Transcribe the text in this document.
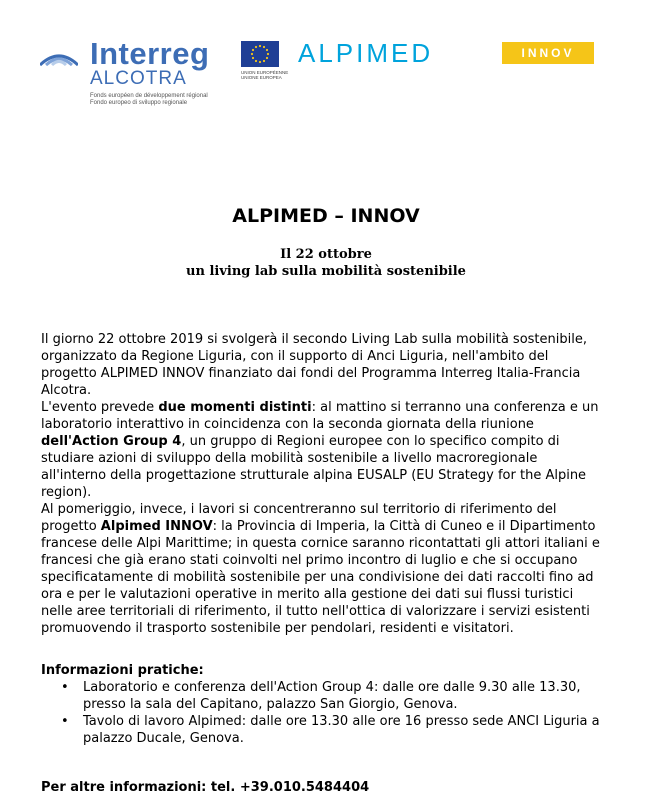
Interreg
ALCOTRA
Fonds européen de développement régional
Fondo europeo di sviluppo regionale
UNION EUROPÉENNE UNIONE EUROPEA
ALPIMED	INNOV
ALPIMED – INNOV
Il 22 ottobre
un living lab sulla mobilità sostenibile

Il giorno 22 ottobre 2019 si svolgerà il secondo Living Lab sulla mobilità sostenibile, organizzato da Regione Liguria, con il supporto di Anci Liguria, nell'ambito del progetto ALPIMED INNOV finanziato dai fondi del Programma Interreg Italia-Francia Alcotra.

L'evento prevede due momenti distinti: al mattino si terranno una conferenza e un laboratorio interattivo in coincidenza con la seconda giornata della riunione dell'Action Group 4, un gruppo di Regioni europee con lo specifico compito di studiare azioni di sviluppo della mobilità sostenibile a livello macroregionale all'interno della progettazione strutturale alpina EUSALP (EU Strategy for the Alpine region).

Al pomeriggio, invece, i lavori si concentreranno sul territorio di riferimento del progetto Alpimed INNOV: la Provincia di Imperia, la Città di Cuneo e il Dipartimento francese delle Alpi Marittime; in questa cornice saranno ricontattati gli attori italiani e francesi che già erano stati coinvolti nel primo incontro di luglio e che si occupano specificatamente di mobilità sostenibile per una condivisione dei dati raccolti fino ad ora e per le valutazioni operative in merito alla gestione dei dati sui flussi turistici nelle aree territoriali di riferimento, il tutto nell'ottica di valorizzare i servizi esistenti promuovendo il trasporto sostenibile per pendolari, residenti e visitatori.

Informazioni pratiche:

• Laboratorio e conferenza dell'Action Group 4: dalle ore dalle 9.30 alle 13.30, presso la sala del Capitano, palazzo San Giorgio, Genova.
• Tavolo di lavoro Alpimed: dalle ore 13.30 alle ore 16 presso sede ANCI Liguria a palazzo Ducale, Genova.
Per altre informazioni: tel. +39.010.5484404
